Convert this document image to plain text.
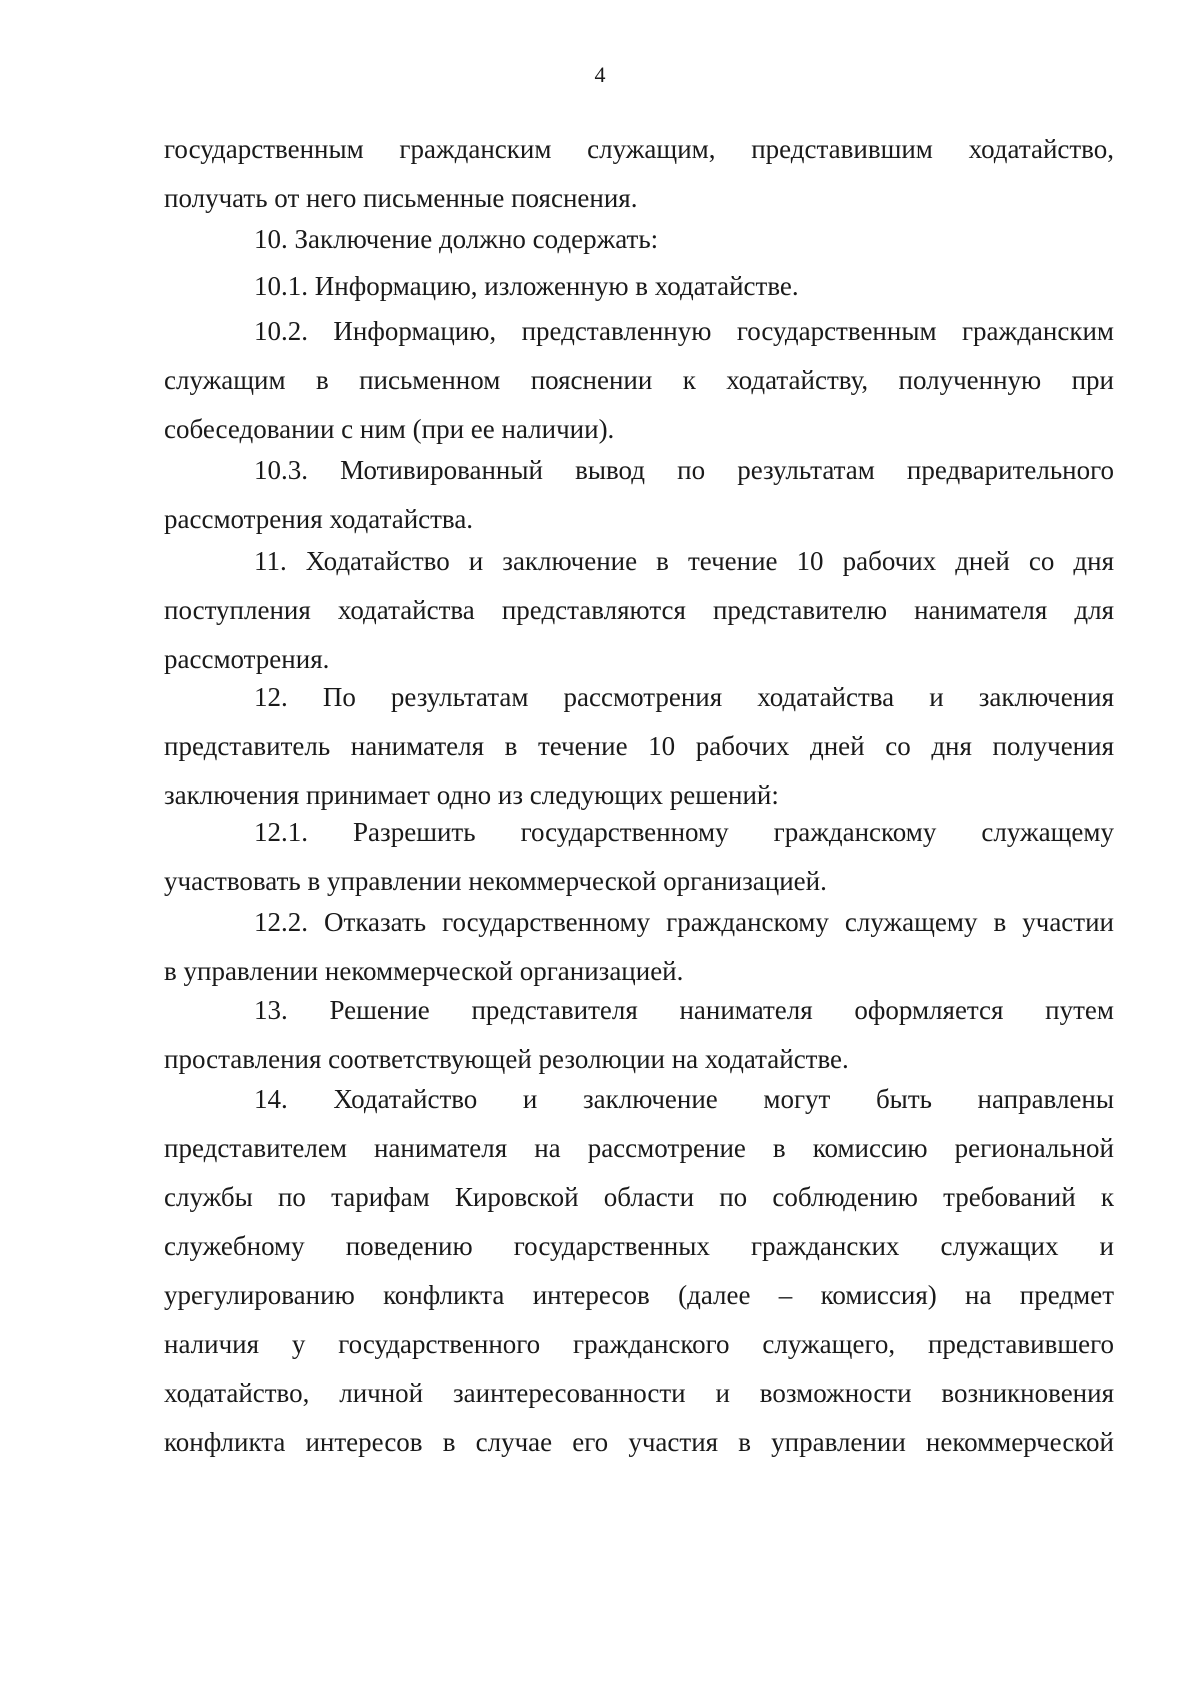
4
государственным гражданским служащим, представившим ходатайство,
получать от него письменные пояснения.
10. Заключение должно содержать:
10.1. Информацию, изложенную в ходатайстве.
10.2. Информацию, представленную государственным гражданским
служащим в письменном пояснении к ходатайству, полученную при
собеседовании с ним (при ее наличии).
10.3. Мотивированный вывод по результатам предварительного
рассмотрения ходатайства.
11. Ходатайство и заключение в течение 10 рабочих дней со дня
поступления ходатайства представляются представителю нанимателя для
рассмотрения.
12. По результатам рассмотрения ходатайства и заключения
представитель нанимателя в течение 10 рабочих дней со дня получения
заключения принимает одно из следующих решений:
12.1. Разрешить государственному гражданскому служащему
участвовать в управлении некоммерческой организацией.
12.2. Отказать государственному гражданскому служащему в участии
в управлении некоммерческой организацией.
13. Решение представителя нанимателя оформляется путем
проставления соответствующей резолюции на ходатайстве.
14. Ходатайство и заключение могут быть направлены
представителем нанимателя на рассмотрение в комиссию региональной
службы по тарифам Кировской области по соблюдению требований к
служебному поведению государственных гражданских служащих и
урегулированию конфликта интересов (далее – комиссия) на предмет
наличия у государственного гражданского служащего, представившего
ходатайство, личной заинтересованности и возможности возникновения
конфликта интересов в случае его участия в управлении некоммерческой
